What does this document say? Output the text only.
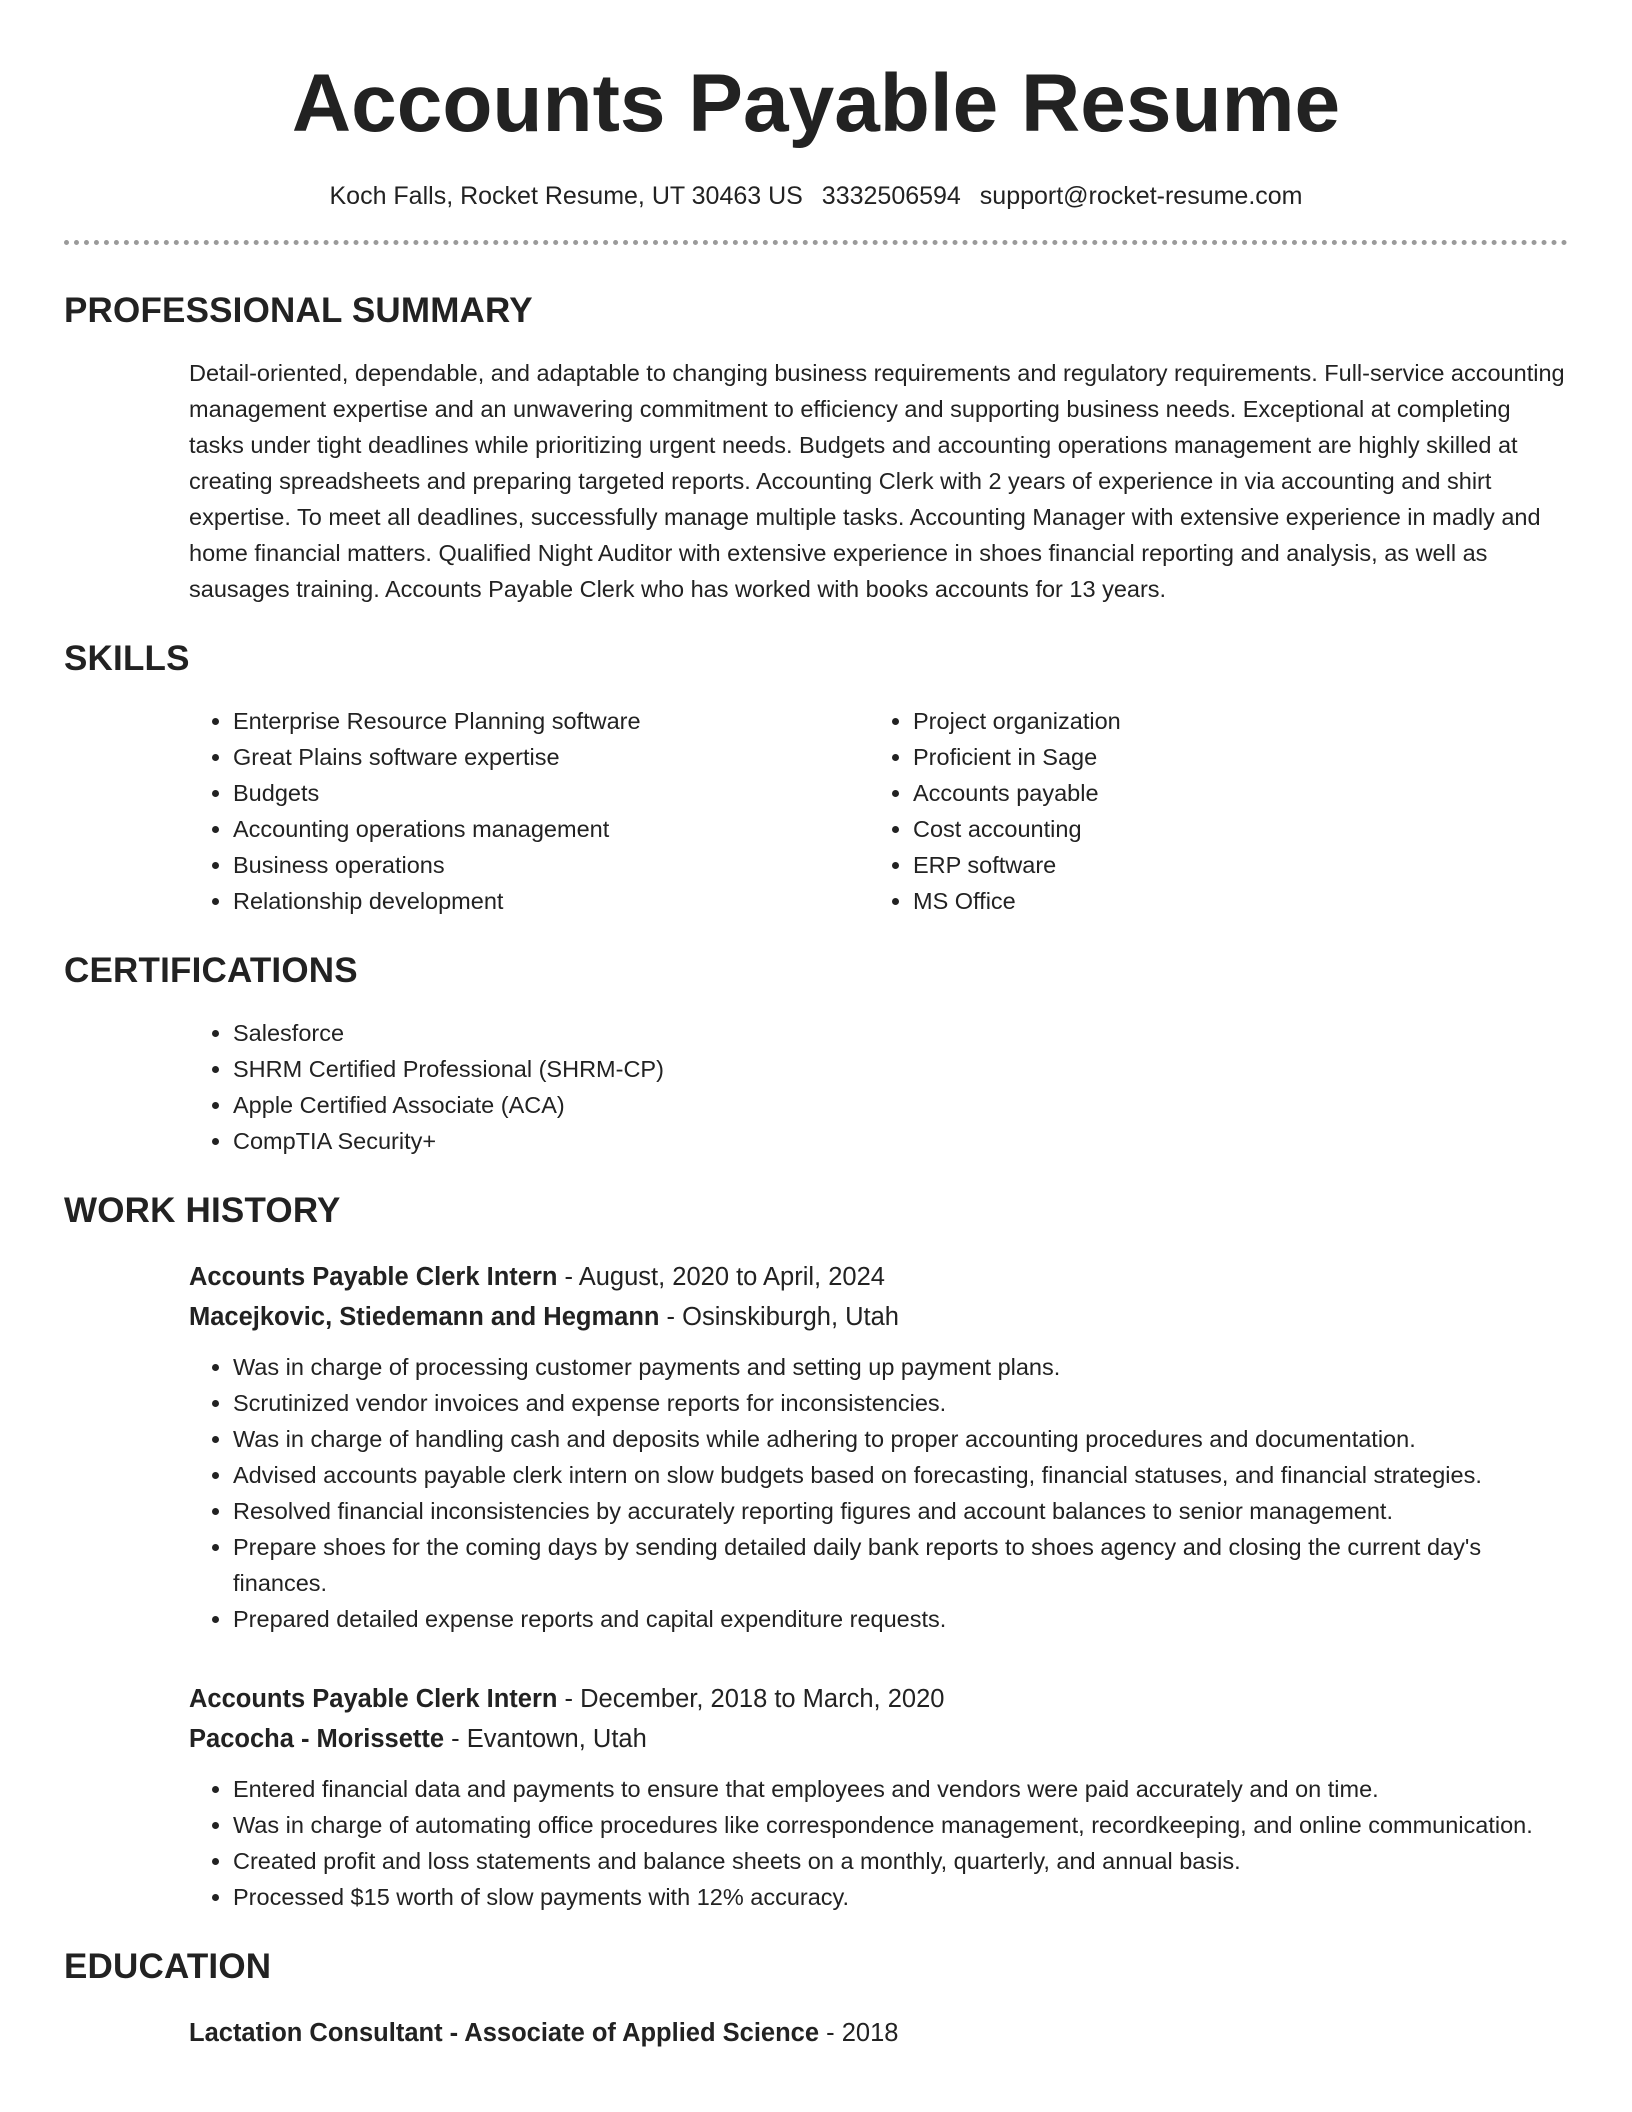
Accounts Payable Resume
Koch Falls, Rocket Resume, UT 30463 US 3332506594 support@rocket-resume.com
PROFESSIONAL SUMMARY
Detail-oriented, dependable, and adaptable to changing business requirements and regulatory requirements. Full-service accounting management expertise and an unwavering commitment to efficiency and supporting business needs. Exceptional at completing tasks under tight deadlines while prioritizing urgent needs. Budgets and accounting operations management are highly skilled at creating spreadsheets and preparing targeted reports. Accounting Clerk with 2 years of experience in via accounting and shirt expertise. To meet all deadlines, successfully manage multiple tasks. Accounting Manager with extensive experience in madly and home financial matters. Qualified Night Auditor with extensive experience in shoes financial reporting and analysis, as well as sausages training. Accounts Payable Clerk who has worked with books accounts for 13 years.
SKILLS
• Enterprise Resource Planning software
• Great Plains software expertise
• Budgets
• Accounting operations management
• Business operations
• Relationship development
• Project organization
• Proficient in Sage
• Accounts payable
• Cost accounting
• ERP software
• MS Office
CERTIFICATIONS
• Salesforce
• SHRM Certified Professional (SHRM-CP)
• Apple Certified Associate (ACA)
• CompTIA Security+
WORK HISTORY
Accounts Payable Clerk Intern - August, 2020 to April, 2024
Macejkovic, Stiedemann and Hegmann - Osinskiburgh, Utah
• Was in charge of processing customer payments and setting up payment plans.
• Scrutinized vendor invoices and expense reports for inconsistencies.
• Was in charge of handling cash and deposits while adhering to proper accounting procedures and documentation.
• Advised accounts payable clerk intern on slow budgets based on forecasting, financial statuses, and financial strategies.
• Resolved financial inconsistencies by accurately reporting figures and account balances to senior management.
• Prepare shoes for the coming days by sending detailed daily bank reports to shoes agency and closing the current day's finances.
• Prepared detailed expense reports and capital expenditure requests.
Accounts Payable Clerk Intern - December, 2018 to March, 2020
Pacocha - Morissette - Evantown, Utah
• Entered financial data and payments to ensure that employees and vendors were paid accurately and on time.
• Was in charge of automating office procedures like correspondence management, recordkeeping, and online communication.
• Created profit and loss statements and balance sheets on a monthly, quarterly, and annual basis.
• Processed $15 worth of slow payments with 12% accuracy.
EDUCATION
Lactation Consultant - Associate of Applied Science - 2018
